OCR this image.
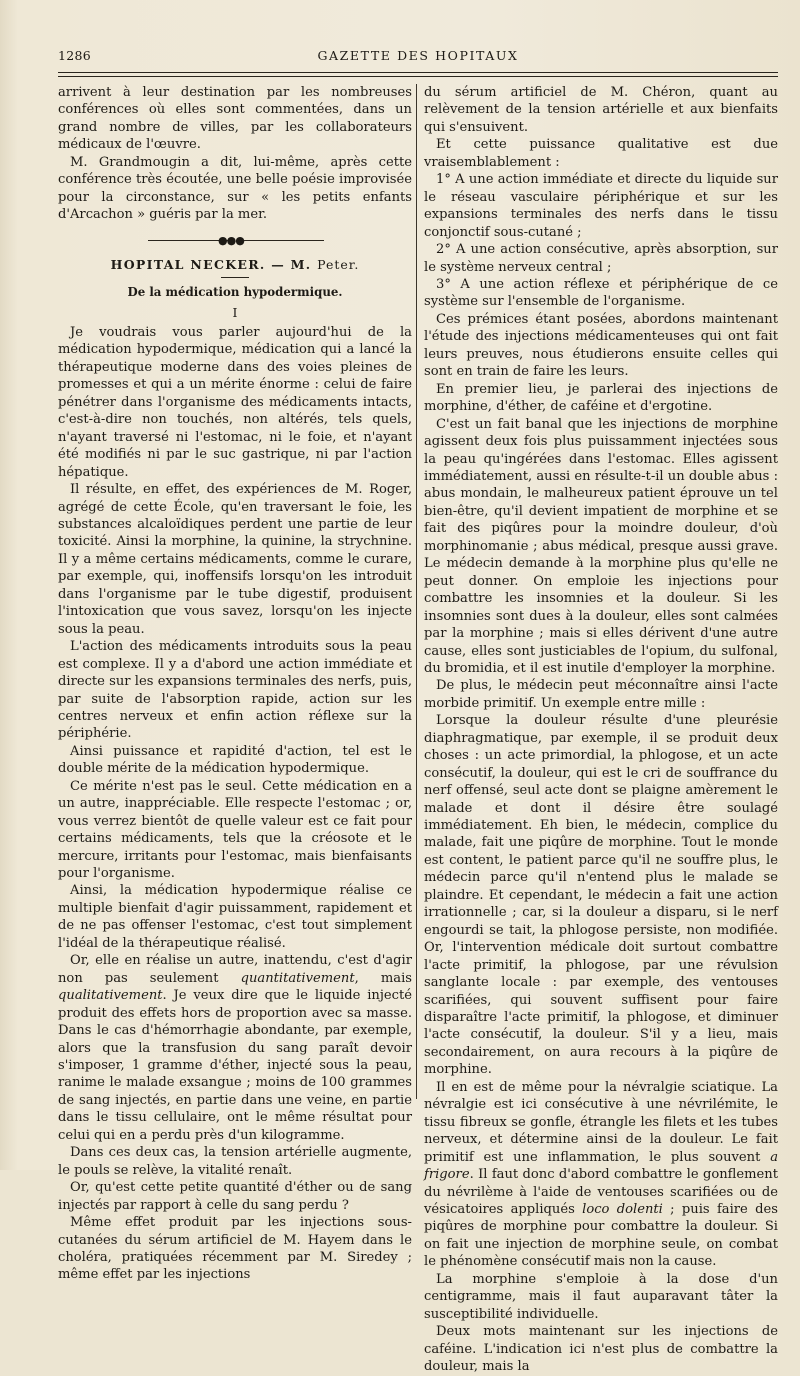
1286	GAZETTE DES HOPITAUX

arrivent à leur destination par les nombreuses conférences où elles sont commentées, dans un grand nombre de villes, par les collaborateurs médicaux de l'œuvre.

M. Grandmougin a dit, lui-même, après cette conférence très écoutée, une belle poésie improvisée pour la circonstance, sur « les petits enfants d'Arcachon » guéris par la mer.

●●●
HOPITAL NECKER. — M. Peter.
De la médication hypodermique.
I

Je voudrais vous parler aujourd'hui de la médication hypodermique, médication qui a lancé la thérapeutique moderne dans des voies pleines de promesses et qui a un mérite énorme : celui de faire pénétrer dans l'organisme des médicaments intacts, c'est-à-dire non touchés, non altérés, tels quels, n'ayant traversé ni l'estomac, ni le foie, et n'ayant été modifiés ni par le suc gastrique, ni par l'action hépatique.

Il résulte, en effet, des expériences de M. Roger, agrégé de cette École, qu'en traversant le foie, les substances alcaloïdiques perdent une partie de leur toxicité. Ainsi la morphine, la quinine, la strychnine. Il y a même certains médicaments, comme le curare, par exemple, qui, inoffensifs lorsqu'on les introduit dans l'organisme par le tube digestif, produisent l'intoxication que vous savez, lorsqu'on les injecte sous la peau.

L'action des médicaments introduits sous la peau est complexe. Il y a d'abord une action immédiate et directe sur les expansions terminales des nerfs, puis, par suite de l'absorption rapide, action sur les centres nerveux et enfin action réflexe sur la périphérie.

Ainsi puissance et rapidité d'action, tel est le double mérite de la médication hypodermique.

Ce mérite n'est pas le seul. Cette médication en a un autre, inappréciable. Elle respecte l'estomac ; or, vous verrez bientôt de quelle valeur est ce fait pour certains médicaments, tels que la créosote et le mercure, irritants pour l'estomac, mais bienfaisants pour l'organisme.

Ainsi, la médication hypodermique réalise ce multiple bienfait d'agir puissamment, rapidement et de ne pas offenser l'estomac, c'est tout simplement l'idéal de la thérapeutique réalisé.

Or, elle en réalise un autre, inattendu, c'est d'agir non pas seulement quantitativement, mais qualitativement. Je veux dire que le liquide injecté produit des effets hors de proportion avec sa masse. Dans le cas d'hémorrhagie abondante, par exemple, alors que la transfusion du sang paraît devoir s'imposer, 1 gramme d'éther, injecté sous la peau, ranime le malade exsangue ; moins de 100 grammes de sang injectés, en partie dans une veine, en partie dans le tissu cellulaire, ont le même résultat pour celui qui en a perdu près d'un kilogramme.

Dans ces deux cas, la tension artérielle augmente, le pouls se relève, la vitalité renaît.

Or, qu'est cette petite quantité d'éther ou de sang injectés par rapport à celle du sang perdu ?

Même effet produit par les injections sous-cutanées du sérum artificiel de M. Hayem dans le choléra, pratiquées récemment par M. Siredey ; même effet par les injections

du sérum artificiel de M. Chéron, quant au relèvement de la tension artérielle et aux bienfaits qui s'ensuivent.

Et cette puissance qualitative est due vraisemblablement :

1° A une action immédiate et directe du liquide sur le réseau vasculaire périphérique et sur les expansions terminales des nerfs dans le tissu conjonctif sous-cutané ;

2° A une action consécutive, après absorption, sur le système nerveux central ;

3° A une action réflexe et périphérique de ce système sur l'ensemble de l'organisme.

Ces prémices étant posées, abordons maintenant l'étude des injections médicamenteuses qui ont fait leurs preuves, nous étudierons ensuite celles qui sont en train de faire les leurs.

En premier lieu, je parlerai des injections de morphine, d'éther, de caféine et d'ergotine.

C'est un fait banal que les injections de morphine agissent deux fois plus puissamment injectées sous la peau qu'ingérées dans l'estomac. Elles agissent immédiatement, aussi en résulte-t-il un double abus : abus mondain, le malheureux patient éprouve un tel bien-être, qu'il devient impatient de morphine et se fait des piqûres pour la moindre douleur, d'où morphinomanie ; abus médical, presque aussi grave. Le médecin demande à la morphine plus qu'elle ne peut donner. On emploie les injections pour combattre les insomnies et la douleur. Si les insomnies sont dues à la douleur, elles sont calmées par la morphine ; mais si elles dérivent d'une autre cause, elles sont justiciables de l'opium, du sulfonal, du bromidia, et il est inutile d'employer la morphine.

De plus, le médecin peut méconnaître ainsi l'acte morbide primitif. Un exemple entre mille :

Lorsque la douleur résulte d'une pleurésie diaphragmatique, par exemple, il se produit deux choses : un acte primordial, la phlogose, et un acte consécutif, la douleur, qui est le cri de souffrance du nerf offensé, seul acte dont se plaigne amèrement le malade et dont il désire être soulagé immédiatement. Eh bien, le médecin, complice du malade, fait une piqûre de morphine. Tout le monde est content, le patient parce qu'il ne souffre plus, le médecin parce qu'il n'entend plus le malade se plaindre. Et cependant, le médecin a fait une action irrationnelle ; car, si la douleur a disparu, si le nerf engourdi se tait, la phlogose persiste, non modifiée. Or, l'intervention médicale doit surtout combattre l'acte primitif, la phlogose, par une révulsion sanglante locale : par exemple, des ventouses scarifiées, qui souvent suffisent pour faire disparaître l'acte primitif, la phlogose, et diminuer l'acte consécutif, la douleur. S'il y a lieu, mais secondairement, on aura recours à la piqûre de morphine.

Il en est de même pour la névralgie sciatique. La névralgie est ici consécutive à une névrilémite, le tissu fibreux se gonfle, étrangle les filets et les tubes nerveux, et détermine ainsi de la douleur. Le fait primitif est une inflammation, le plus souvent a frigore. Il faut donc d'abord combattre le gonflement du névrilème à l'aide de ventouses scarifiées ou de vésicatoires appliqués loco dolenti ; puis faire des piqûres de morphine pour combattre la douleur. Si on fait une injection de morphine seule, on combat le phénomène consécutif mais non la cause.

La morphine s'emploie à la dose d'un centigramme, mais il faut auparavant tâter la susceptibilité individuelle.

Deux mots maintenant sur les injections de caféine. L'indication ici n'est plus de combattre la douleur, mais la
